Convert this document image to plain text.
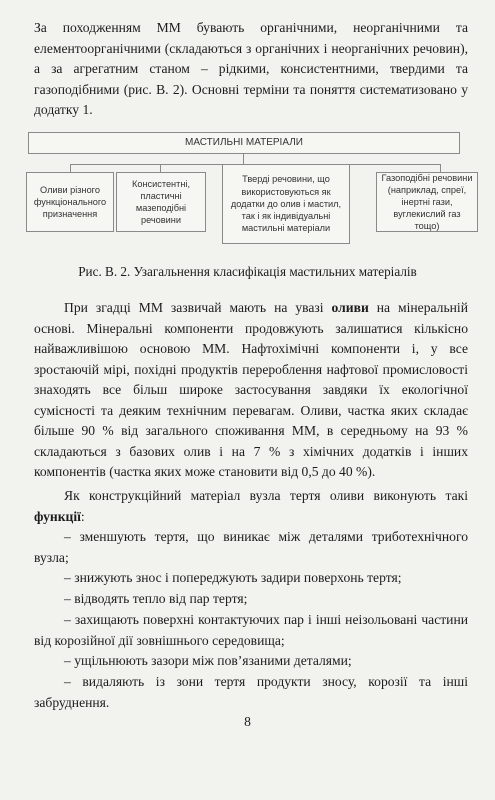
За походженням ММ бувають органічними, неорганічними та елементоорганічними (складаються з органічних і неорганічних речовин), а за агрегатним станом – рідкими, консистентними, твердими та газоподібними (рис. В. 2). Основні терміни та поняття систематизовано у додатку 1.

МАСТИЛЬНІ МАТЕРІАЛИ
Оливи різного функціонального призначення
Консистентні, пластичні мазеподібні речовини
Тверді речовини, що використовуються як додатки до олив і мастил, так і як індивідуальні мастильні матеріали
Газоподібні речовини (наприклад, спреї, інертні гази, вуглекислий газ тощо)
Рис. В. 2. Узагальнення класифікація мастильних матеріалів

При згадці ММ зазвичай мають на увазі оливи на мінеральній основі. Мінеральні компоненти продовжують залишатися кількісно найважливішою основою ММ. Нафтохімічні компоненти і, у все зростаючій мірі, похідні продуктів перероблення нафтової промисловості знаходять все більш широке застосування завдяки їх екологічної сумісності та деяким технічним перевагам. Оливи, частка яких складає більше 90 % від загального споживання ММ, в середньому на 93 % складаються з базових олив і на 7 % з хімічних додатків і інших компонентів (частка яких може становити від 0,5 до 40 %).

Як конструкційний матеріал вузла тертя оливи виконують такі функції:

– зменшують тертя, що виникає між деталями триботехнічного вузла;

– знижують знос і попереджують задири поверхонь тертя;

– відводять тепло від пар тертя;

– захищають поверхні контактуючих пар і інші неізольовані частини від корозійної дії зовнішнього середовища;

– ущільнюють зазори між пов’язаними деталями;

– видаляють із зони тертя продукти зносу, корозії та інші забруднення.

8
